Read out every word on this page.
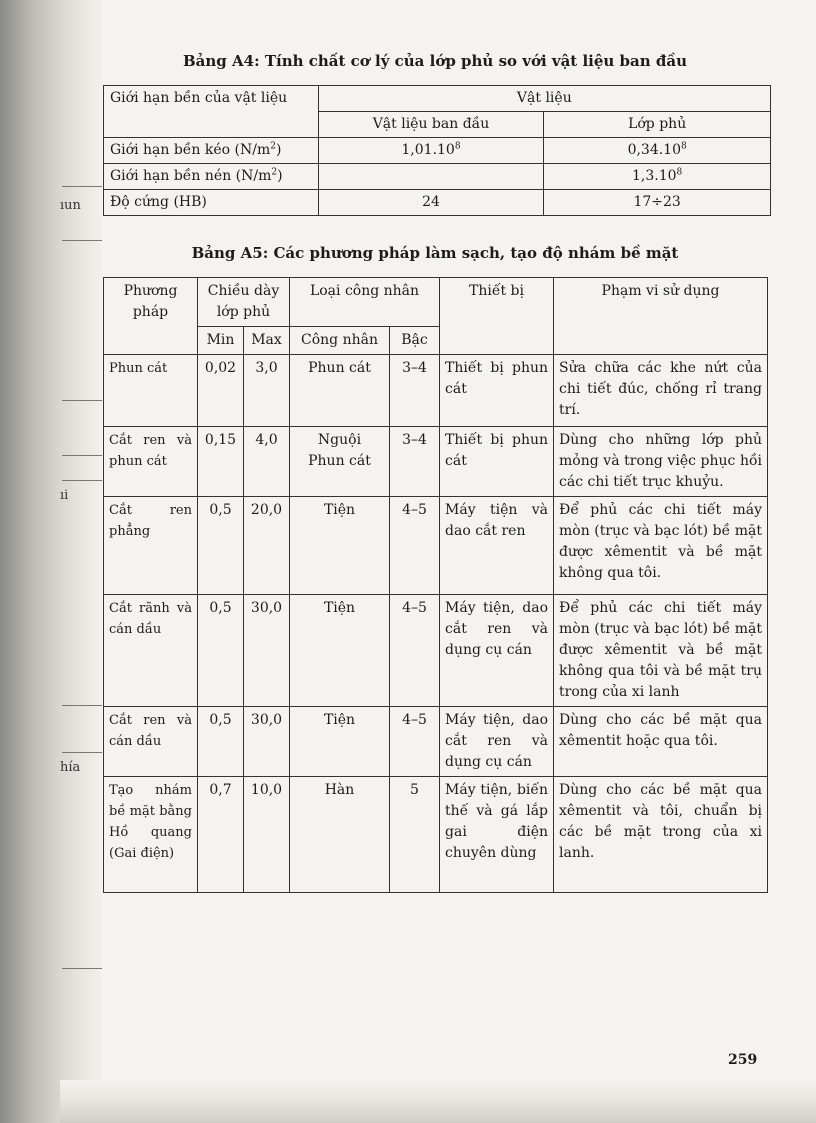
ıun
ıi
hía
Bảng A4: Tính chất cơ lý của lớp phủ so với vật liệu ban đầu
Giới hạn bền của vật liệu	Vật liệu	
	Vật liệu ban đầu	Lớp phủ
Giới hạn bền kéo $(N/m^2)$	1,01.10$^8$	0,34.10$^8$
Giới hạn bền nén $(N/m^2)$		1,3.10$^8$
Độ cứng (HB)	24	17÷23
Bảng A5: Các phương pháp làm sạch, tạo độ nhám bề mặt
Phương pháp	Chiều dày lớp phủ		Loại công nhân		Thiết bị	Phạm vi sử dụng
	Min	Max	Công nhân	Bậc		
Phun cát	0,02	3,0	Phun cát	3–4	Thiết bị phun cát	Sửa chữa các khe nứt của chi tiết đúc, chống rỉ trang trí.
Cắt ren và phun cát	0,15	4,0	Nguội Phun cát	3–4	Thiết bị phun cát	Dùng cho những lớp phủ mỏng và trong việc phục hồi các chi tiết trục khuỷu.
Cắt ren phẳng	0,5	20,0	Tiện	4–5	Máy tiện và dao cắt ren	Để phủ các chi tiết máy mòn (trục và bạc lót) bề mặt được xêmentit và bề mặt không qua tôi.
Cắt rãnh và cán dầu	0,5	30,0	Tiện	4–5	Máy tiện, dao cắt ren và dụng cụ cán	Để phủ các chi tiết máy mòn (trục và bạc lót) bề mặt được xêmentit và bề mặt không qua tôi và bề mặt trụ trong của xi lanh
Cắt ren và cán dầu	0,5	30,0	Tiện	4–5	Máy tiện, dao cắt ren và dụng cụ cán	Dùng cho các bề mặt qua xêmentit hoặc qua tôi.
Tạo nhám bề mặt bằng Hồ quang (Gai điện)	0,7	10,0	Hàn	5	Máy tiện, biến thế và gá lắp gai điện chuyên dùng	Dùng cho các bề mặt qua xêmentit và tôi, chuẩn bị các bề mặt trong của xi lanh.
259
